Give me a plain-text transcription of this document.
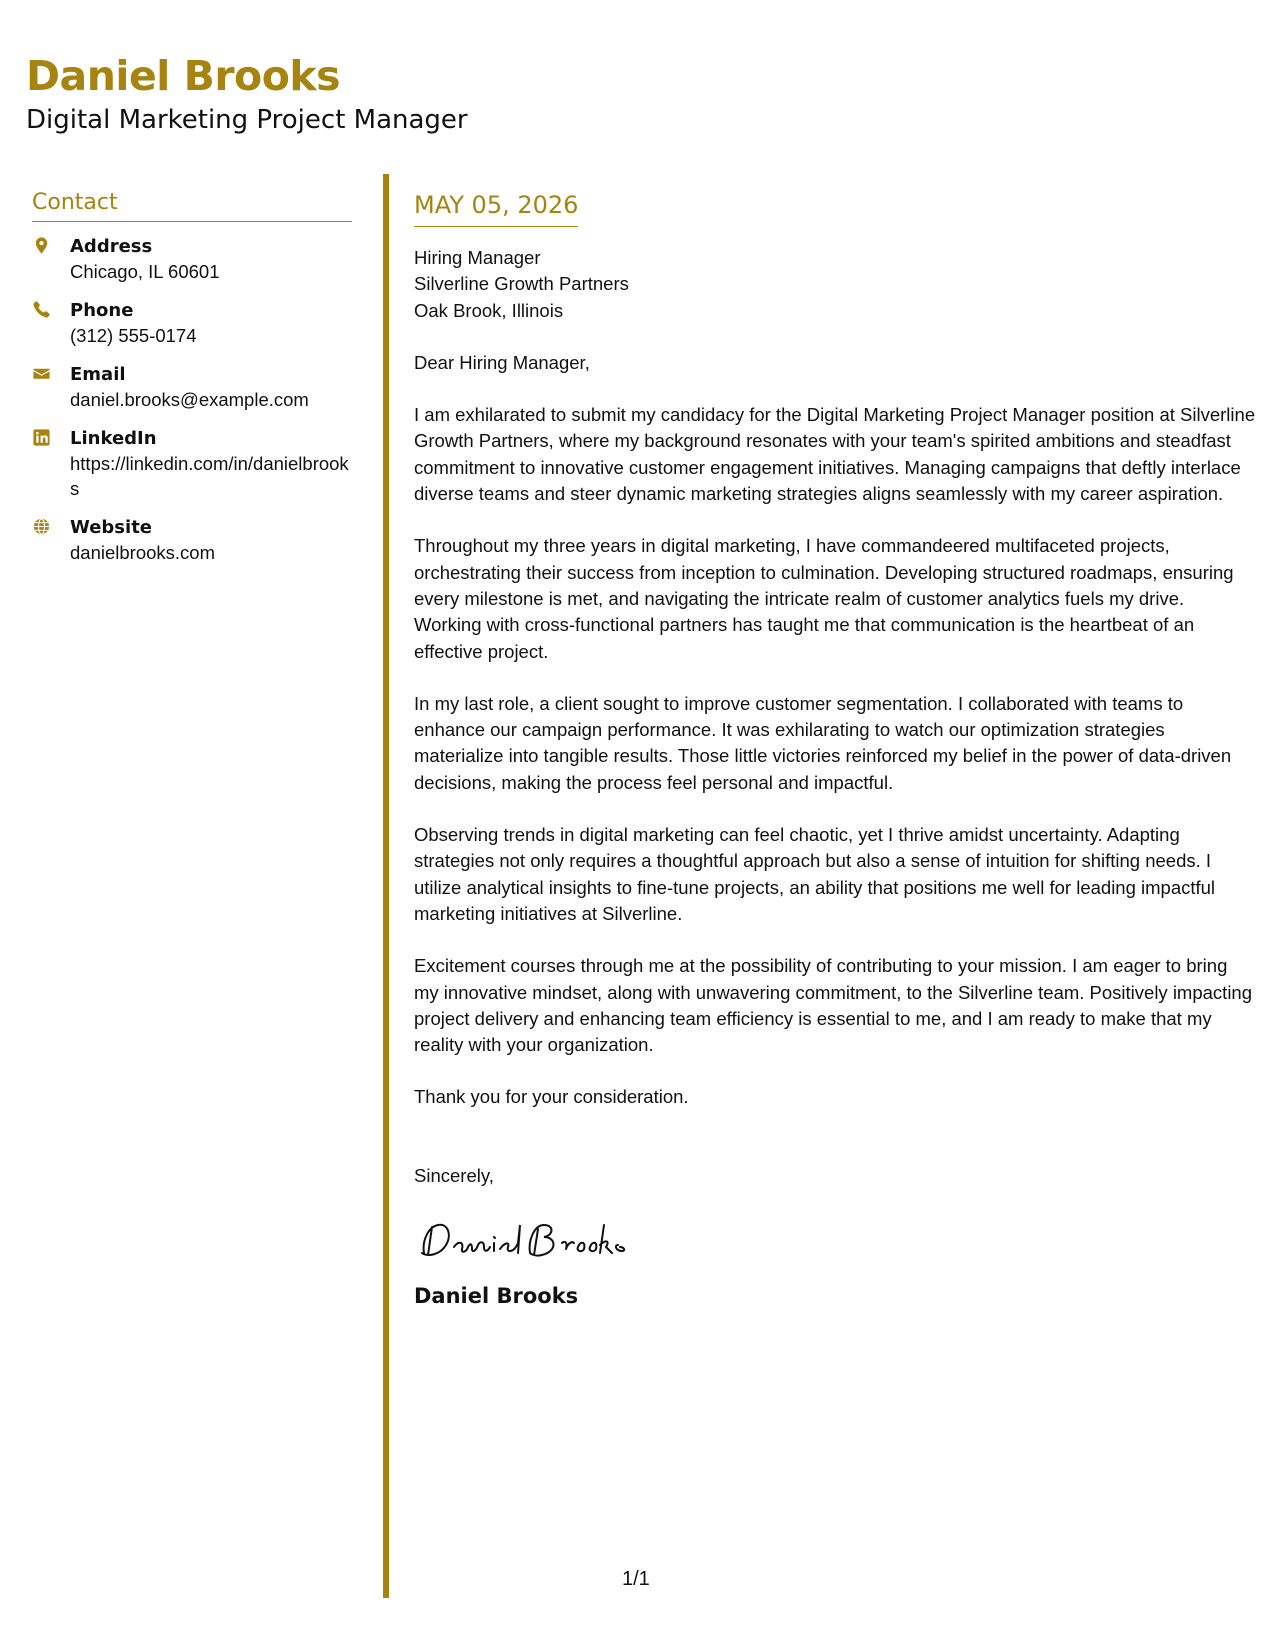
Daniel Brooks
Digital Marketing Project Manager
Contact
Address
Chicago, IL 60601
Phone
(312) 555-0174
Email
daniel.brooks@example.com
LinkedIn
https://linkedin.com/in/danielbrooks
Website
danielbrooks.com
MAY 05, 2026
Hiring Manager
Silverline Growth Partners
Oak Brook, Illinois
Dear Hiring Manager,
I am exhilarated to submit my candidacy for the Digital Marketing Project Manager position at Silverline Growth Partners, where my background resonates with your team's spirited ambitions and steadfast commitment to innovative customer engagement initiatives. Managing campaigns that deftly interlace diverse teams and steer dynamic marketing strategies aligns seamlessly with my career aspiration.
Throughout my three years in digital marketing, I have commandeered multifaceted projects, orchestrating their success from inception to culmination. Developing structured roadmaps, ensuring every milestone is met, and navigating the intricate realm of customer analytics fuels my drive. Working with cross-functional partners has taught me that communication is the heartbeat of an effective project.
In my last role, a client sought to improve customer segmentation. I collaborated with teams to enhance our campaign performance. It was exhilarating to watch our optimization strategies materialize into tangible results. Those little victories reinforced my belief in the power of data-driven decisions, making the process feel personal and impactful.
Observing trends in digital marketing can feel chaotic, yet I thrive amidst uncertainty. Adapting strategies not only requires a thoughtful approach but also a sense of intuition for shifting needs. I utilize analytical insights to fine-tune projects, an ability that positions me well for leading impactful marketing initiatives at Silverline.
Excitement courses through me at the possibility of contributing to your mission. I am eager to bring my innovative mindset, along with unwavering commitment, to the Silverline team. Positively impacting project delivery and enhancing team efficiency is essential to me, and I am ready to make that my reality with your organization.
Thank you for your consideration.
Sincerely,
Daniel Brooks
1/1
